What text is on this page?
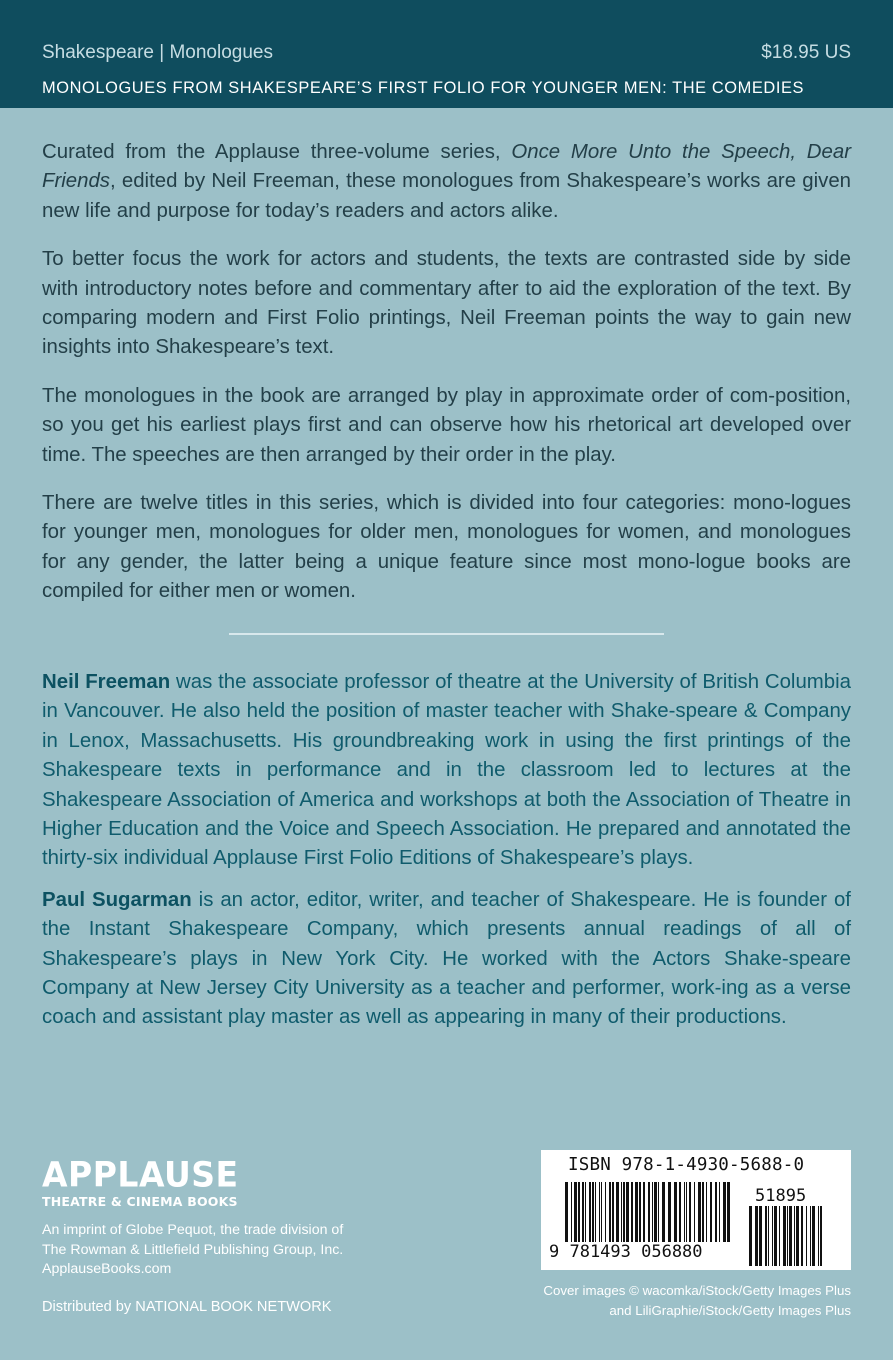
Shakespeare | Monologues	$18.95 US
MONOLOGUES FROM SHAKESPEARE’S FIRST FOLIO FOR YOUNGER MEN: THE COMEDIES

Curated from the Applause three-volume series, Once More Unto the Speech, Dear Friends, edited by Neil Freeman, these monologues from Shakespeare’s works are given new life and purpose for today’s readers and actors alike.

To better focus the work for actors and students, the texts are contrasted side by side with introductory notes before and commentary after to aid the exploration of the text. By comparing modern and First Folio printings, Neil Freeman points the way to gain new insights into Shakespeare’s text.

The monologues in the book are arranged by play in approximate order of com-position, so you get his earliest plays first and can observe how his rhetorical art developed over time. The speeches are then arranged by their order in the play.

There are twelve titles in this series, which is divided into four categories: mono-logues for younger men, monologues for older men, monologues for women, and monologues for any gender, the latter being a unique feature since most mono-logue books are compiled for either men or women.

Neil Freeman was the associate professor of theatre at the University of British Columbia in Vancouver. He also held the position of master teacher with Shake-speare & Company in Lenox, Massachusetts. His groundbreaking work in using the first printings of the Shakespeare texts in performance and in the classroom led to lectures at the Shakespeare Association of America and workshops at both the Association of Theatre in Higher Education and the Voice and Speech Association. He prepared and annotated the thirty-six individual Applause First Folio Editions of Shakespeare’s plays.

Paul Sugarman is an actor, editor, writer, and teacher of Shakespeare. He is founder of the Instant Shakespeare Company, which presents annual readings of all of Shakespeare’s plays in New York City. He worked with the Actors Shake-speare Company at New Jersey City University as a teacher and performer, work-ing as a verse coach and assistant play master as well as appearing in many of their productions.

APPLAUSE
THEATRE & CINEMA BOOKS
An imprint of Globe Pequot, the trade division of
The Rowman & Littlefield Publishing Group, Inc.
ApplauseBooks.com
Distributed by NATIONAL BOOK NETWORK
ISBN 978-1-4930-5688-0
51895
9 781493 056880
Cover images © wacomka/iStock/Getty Images Plus
and LiliGraphie/iStock/Getty Images Plus
